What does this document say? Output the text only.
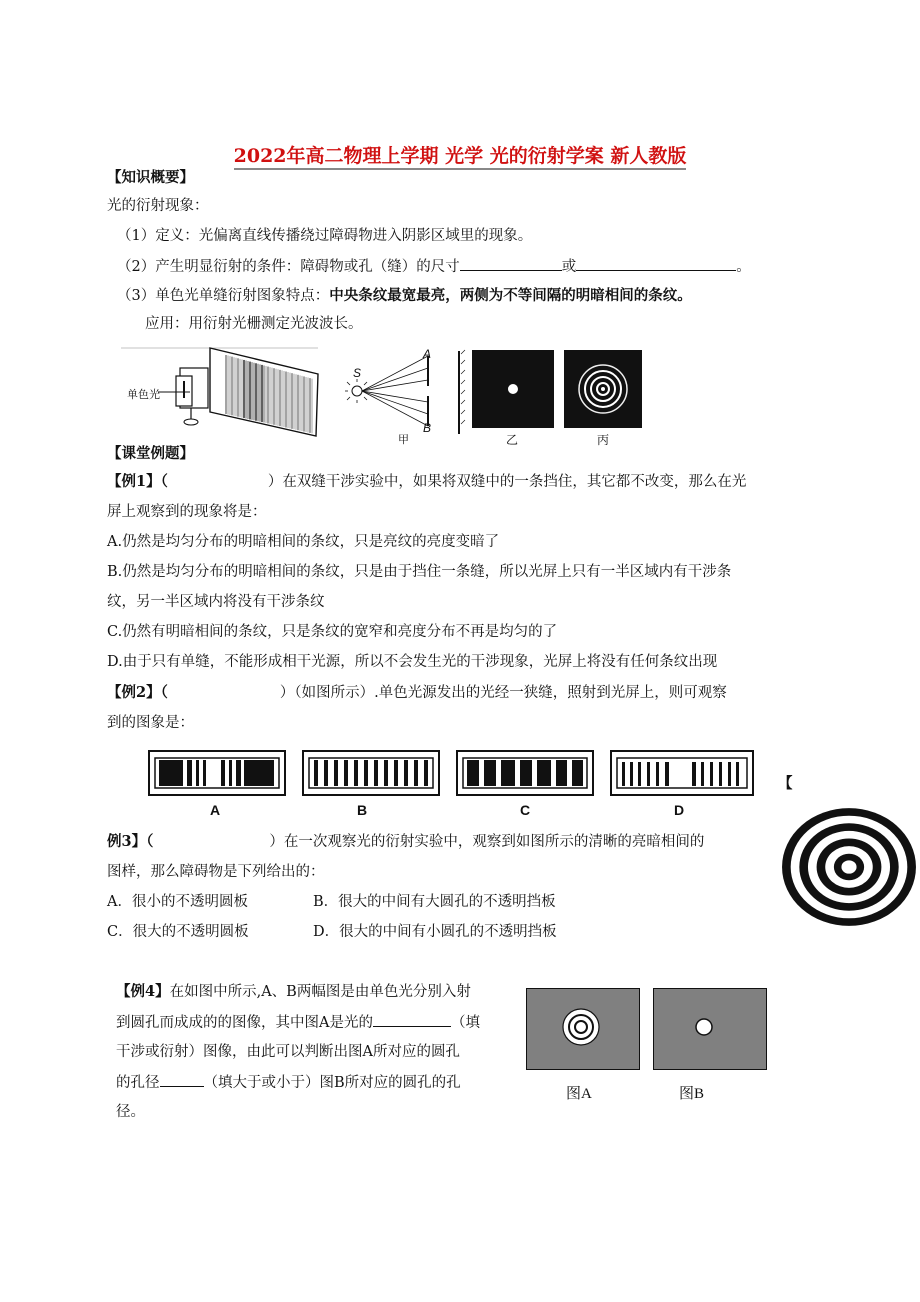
2022年高二物理上学期 光学 光的衍射学案 新人教版
【知识概要】
光的衍射现象：
（1）定义：光偏离直线传播绕过障碍物进入阴影区域里的现象。
（2）产生明显衍射的条件：障碍物或孔（缝）的尺寸	或	。
（3）单色光单缝衍射图象特点：中央条纹最宽最亮，两侧为不等间隔的明暗相间的条纹。
应用：用衍射光栅测定光波波长。
单色光
S
A
B
甲	乙	丙
【课堂例题】
【例1】（	）在双缝干涉实验中，如果将双缝中的一条挡住，其它都不改变，那么在光
屏上观察到的现象将是：
A.仍然是均匀分布的明暗相间的条纹，只是亮纹的亮度变暗了
B.仍然是均匀分布的明暗相间的条纹，只是由于挡住一条缝，所以光屏上只有一半区域内有干涉条
纹，另一半区域内将没有干涉条纹
C.仍然有明暗相间的条纹，只是条纹的宽窄和亮度分布不再是均匀的了
D.由于只有单缝，不能形成相干光源，所以不会发生光的干涉现象，光屏上将没有任何条纹出现
【例2】（	）（如图所示）.单色光源发出的光经一狭缝，照射到光屏上，则可观察
到的图象是：
A	B	C	D
【
例3】（	）在一次观察光的衍射实验中，观察到如图所示的清晰的亮暗相间的
图样，那么障碍物是下列给出的：
A．很小的不透明圆板	B．很大的中间有大圆孔的不透明挡板
C．很大的不透明圆板	D．很大的中间有小圆孔的不透明挡板
【例4】在如图中所示,A、B两幅图是由单色光分别入射
到圆孔而成成的的图像，其中图A是光的	（填
干涉或衍射）图像，由此可以判断出图A所对应的圆孔
的孔径	（填大于或小于）图B所对应的圆孔的孔
径。
图A	图B
